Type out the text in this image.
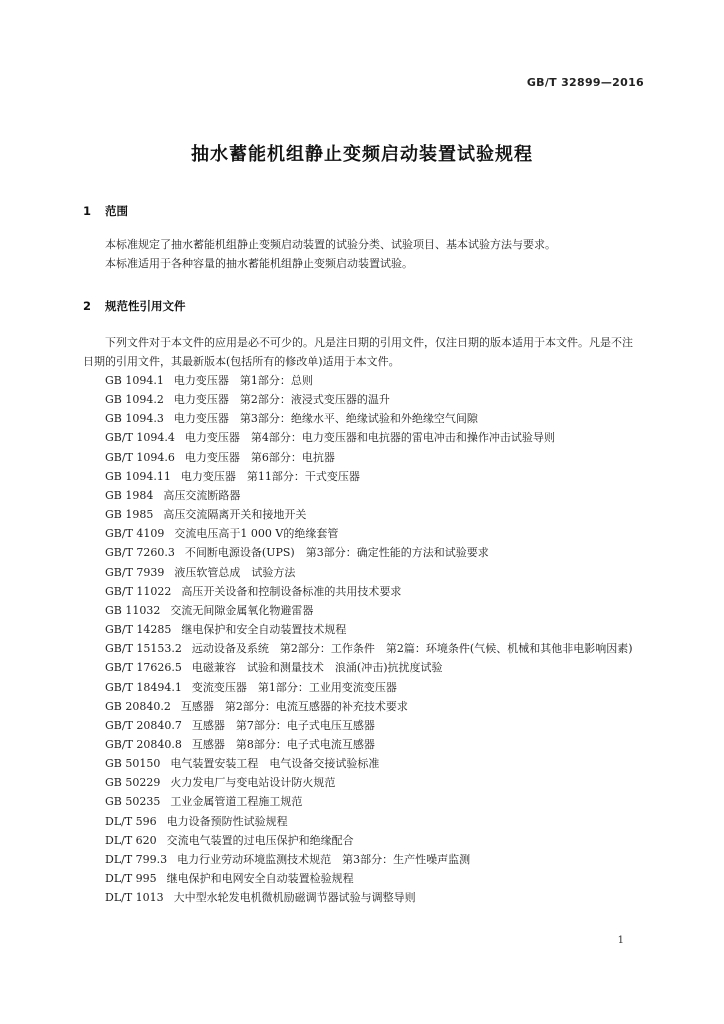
GB/T 32899—2016
抽水蓄能机组静止变频启动装置试验规程
1 范围

本标准规定了抽水蓄能机组静止变频启动装置的试验分类、试验项目、基本试验方法与要求。

本标准适用于各种容量的抽水蓄能机组静止变频启动装置试验。

2 规范性引用文件

下列文件对于本文件的应用是必不可少的。凡是注日期的引用文件，仅注日期的版本适用于本文件。凡是不注日期的引用文件，其最新版本(包括所有的修改单)适用于本文件。

GB 1094.1 电力变压器　第1部分：总则
GB 1094.2 电力变压器　第2部分：液浸式变压器的温升
GB 1094.3 电力变压器　第3部分：绝缘水平、绝缘试验和外绝缘空气间隙
GB/T 1094.4 电力变压器　第4部分：电力变压器和电抗器的雷电冲击和操作冲击试验导则
GB/T 1094.6 电力变压器　第6部分：电抗器
GB 1094.11 电力变压器　第11部分：干式变压器
GB 1984 高压交流断路器
GB 1985 高压交流隔离开关和接地开关
GB/T 4109 交流电压高于1 000 V的绝缘套管
GB/T 7260.3 不间断电源设备(UPS)　第3部分：确定性能的方法和试验要求
GB/T 7939 液压软管总成　试验方法
GB/T 11022 高压开关设备和控制设备标准的共用技术要求
GB 11032 交流无间隙金属氧化物避雷器
GB/T 14285 继电保护和安全自动装置技术规程
GB/T 15153.2 远动设备及系统　第2部分：工作条件　第2篇：环境条件(气候、机械和其他非电影响因素)
GB/T 17626.5 电磁兼容　试验和测量技术　浪涌(冲击)抗扰度试验
GB/T 18494.1 变流变压器　第1部分：工业用变流变压器
GB 20840.2 互感器　第2部分：电流互感器的补充技术要求
GB/T 20840.7 互感器　第7部分：电子式电压互感器
GB/T 20840.8 互感器　第8部分：电子式电流互感器
GB 50150 电气装置安装工程　电气设备交接试验标准
GB 50229 火力发电厂与变电站设计防火规范
GB 50235 工业金属管道工程施工规范
DL/T 596 电力设备预防性试验规程
DL/T 620 交流电气装置的过电压保护和绝缘配合
DL/T 799.3 电力行业劳动环境监测技术规范　第3部分：生产性噪声监测
DL/T 995 继电保护和电网安全自动装置检验规程
DL/T 1013 大中型水轮发电机微机励磁调节器试验与调整导则
1
